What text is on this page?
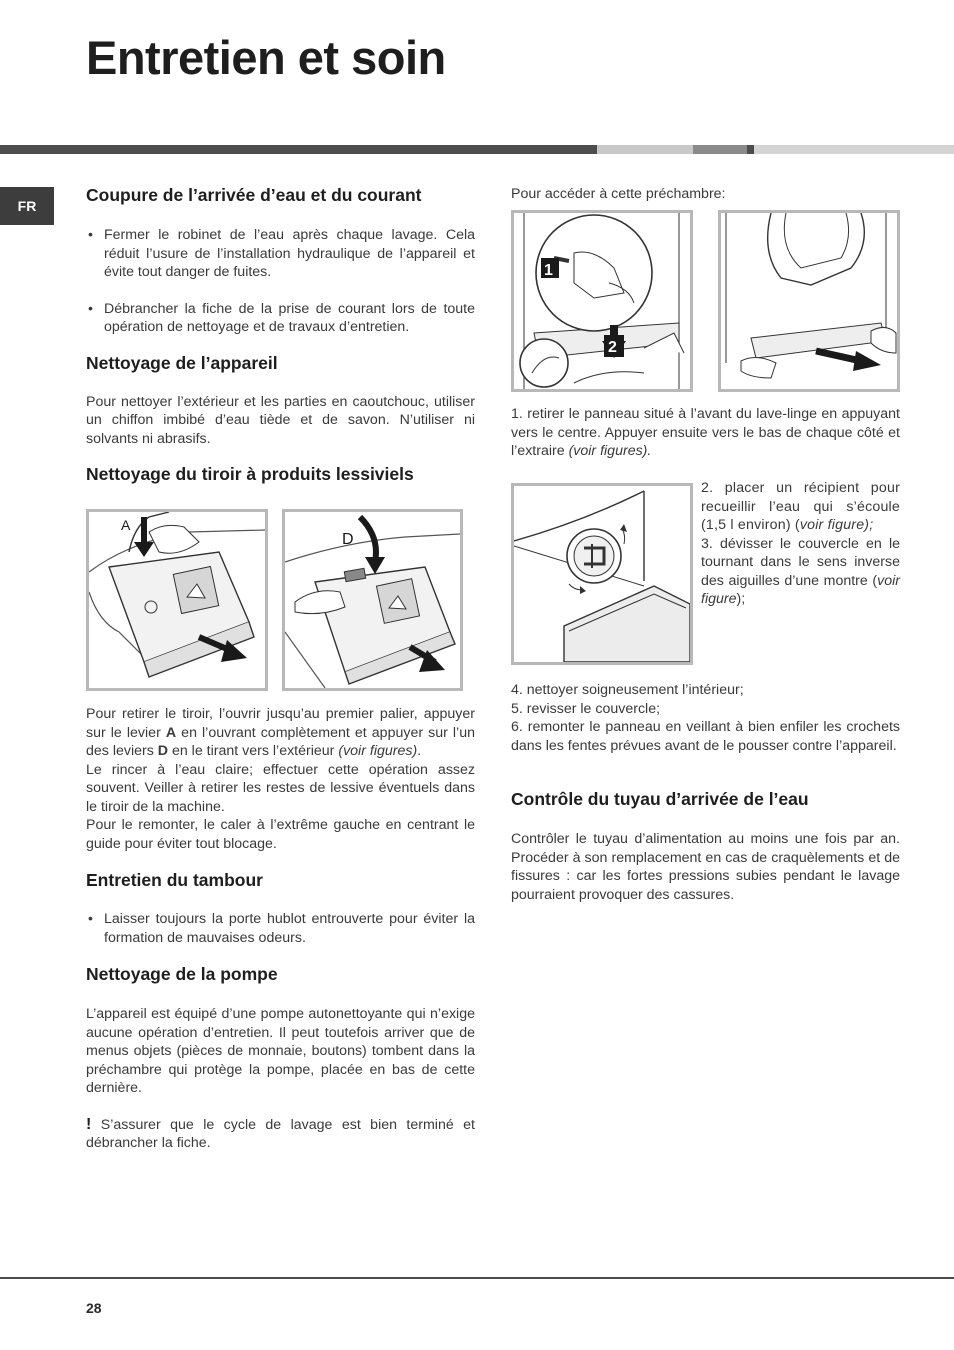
Entretien et soin
FR
Coupure de l’arrivée d’eau et du courant
• Fermer le robinet de l’eau après chaque lavage. Cela réduit l’usure de l’installation hydraulique de l’appareil et évite tout danger de fuites.
• Débrancher la fiche de la prise de courant lors de toute opération de nettoyage et de travaux d’entretien.
Nettoyage de l’appareil

Pour nettoyer l’extérieur et les parties en caoutchouc, utiliser un chiffon imbibé d’eau tiède et de savon. N’utiliser ni solvants ni abrasifs.

Nettoyage du tiroir à produits lessiviels
A
D

Pour retirer le tiroir, l’ouvrir jusqu’au premier palier, appuyer sur le levier A en l’ouvrant complètement et appuyer sur l’un des leviers D en le tirant vers l’extérieur (voir figures).

Le rincer à l’eau claire; effectuer cette opération assez souvent. Veiller à retirer les restes de lessive éventuels dans le tiroir de la machine.

Pour le remonter, le caler à l’extrême gauche en centrant le guide pour éviter tout blocage.

Entretien du tambour
• Laisser toujours la porte hublot entrouverte pour éviter la formation de mauvaises odeurs.
Nettoyage de la pompe

L’appareil est équipé d’une pompe autonettoyante qui n’exige aucune opération d’entretien. Il peut toutefois arriver que de menus objets (pièces de monnaie, boutons) tombent dans la préchambre qui protège la pompe, placée en bas de cette dernière.

! S’assurer que le cycle de lavage est bien terminé et débrancher la fiche.

Pour accéder à cette préchambre:

1
2

1. retirer le panneau situé à l’avant du lave-linge en appuyant vers le centre. Appuyer ensuite vers le bas de chaque côté et l’extraire (voir figures).

2. placer un récipient pour recueillir l’eau qui s’écoule (1,5 l environ) (voir figure);

3. dévisser le couvercle en le tournant dans le sens inverse des aiguilles d’une montre (voir figure);

4. nettoyer soigneusement l’intérieur;

5. revisser le couvercle;

6. remonter le panneau en veillant à bien enfiler les crochets dans les fentes prévues avant de le pousser contre l’appareil.

Contrôle du tuyau d’arrivée de l’eau

Contrôler le tuyau d’alimentation au moins une fois par an. Procéder à son remplacement en cas de craquèlements et de fissures : car les fortes pressions subies pendant le lavage pourraient provoquer des cassures.

28
